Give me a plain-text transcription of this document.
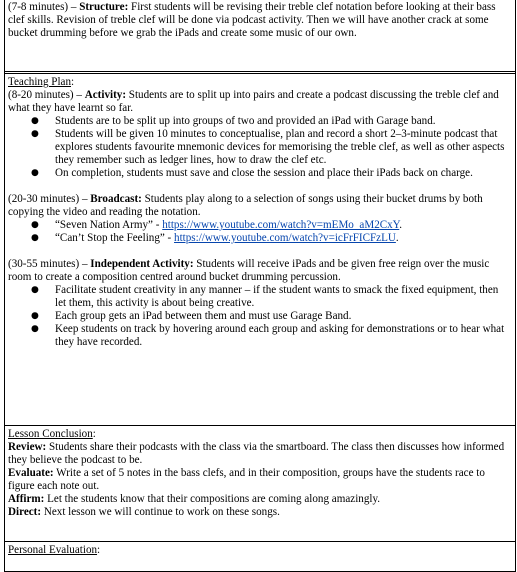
(7-8 minutes) – Structure: First students will be revising their treble clef notation before looking at their bass clef skills. Revision of treble clef will be done via podcast activity. Then we will have another crack at some bucket drumming before we grab the iPads and create some music of our own.

Teaching Plan:

(8-20 minutes) – Activity: Students are to split up into pairs and create a podcast discussing the treble clef and what they have learnt so far.

● Students are to be split up into groups of two and provided an iPad with Garage band.
● Students will be given 10 minutes to conceptualise, plan and record a short 2–3-minute podcast that explores students favourite mnemonic devices for memorising the treble clef, as well as other aspects they remember such as ledger lines, how to draw the clef etc.
● On completion, students must save and close the session and place their iPads back on charge.

(20-30 minutes) – Broadcast: Students play along to a selection of songs using their bucket drums by both copying the video and reading the notation.

● “Seven Nation Army” - https://www.youtube.com/watch?v=mEMo_aM2CxY.
● “Can’t Stop the Feeling” - https://www.youtube.com/watch?v=icFrFICFzLU.

(30-55 minutes) – Independent Activity: Students will receive iPads and be given free reign over the music room to create a composition centred around bucket drumming percussion.

● Facilitate student creativity in any manner – if the student wants to smack the fixed equipment, then let them, this activity is about being creative.
● Each group gets an iPad between them and must use Garage Band.
● Keep students on track by hovering around each group and asking for demonstrations or to hear what they have recorded.

Lesson Conclusion:

Review: Students share their podcasts with the class via the smartboard. The class then discusses how informed they believe the podcast to be.

Evaluate: Write a set of 5 notes in the bass clefs, and in their composition, groups have the students race to figure each note out.

Affirm: Let the students know that their compositions are coming along amazingly.

Direct: Next lesson we will continue to work on these songs.

Personal Evaluation:
